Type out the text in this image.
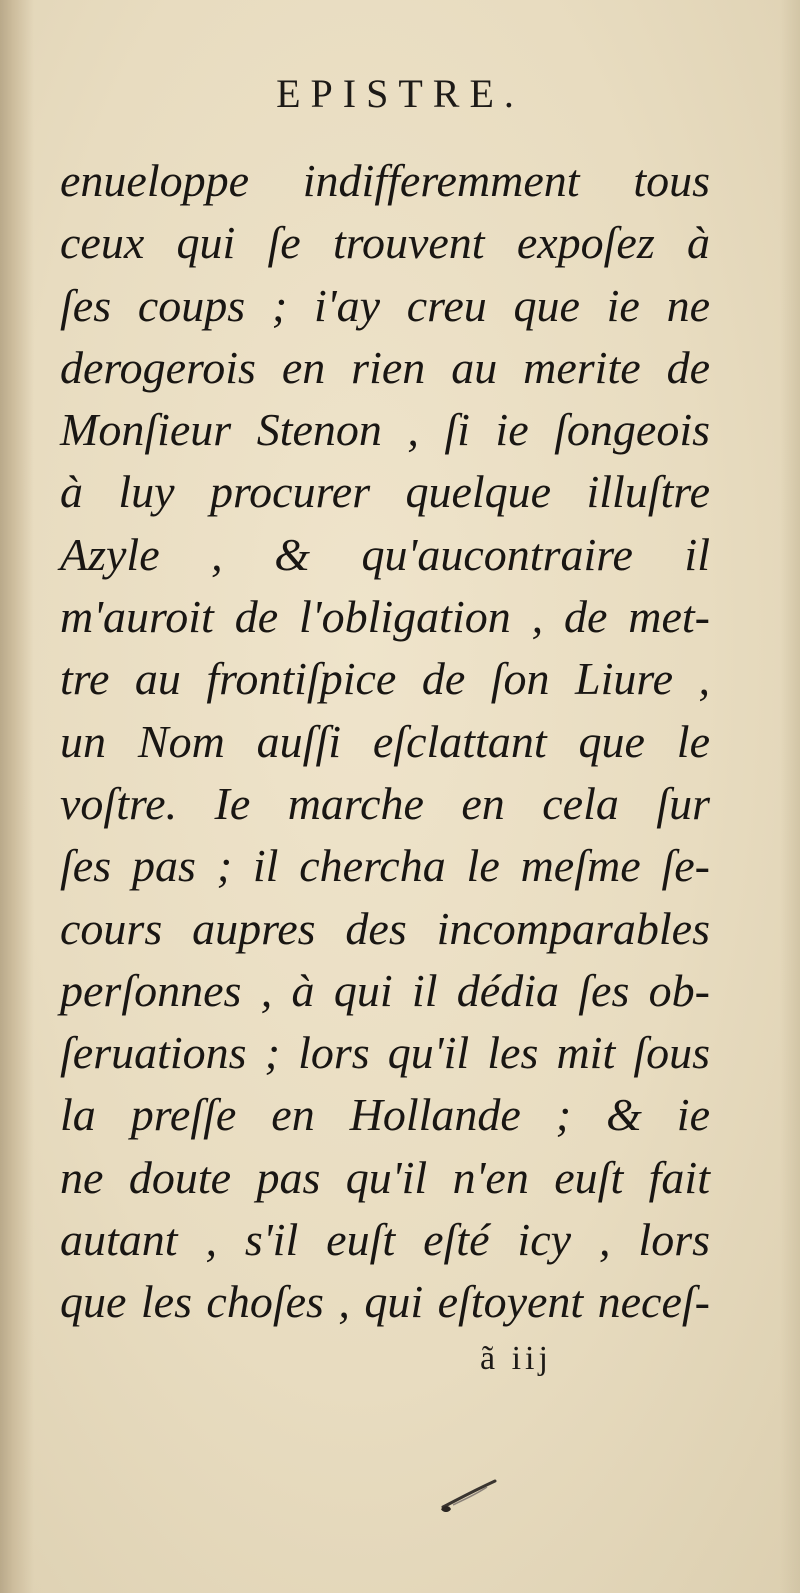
EPISTRE.
enueloppe indifferemment tous
ceux qui ſe trouvent expoſez à
ſes coups ; i'ay creu que ie ne
derogerois en rien au merite de
Monſieur Stenon , ſi ie ſongeois
à luy procurer quelque illuſtre
Azyle , & qu'aucontraire il
m'auroit de l'obligation , de met-
tre au frontiſpice de ſon Liure ,
un Nom auſſi eſclattant que le
voſtre. Ie marche en cela ſur
ſes pas ; il chercha le meſme ſe-
cours aupres des incomparables
perſonnes , à qui il dédia ſes ob-
ſeruations ; lors qu'il les mit ſous
la preſſe en Hollande ; & ie
ne doute pas qu'il n'en euſt fait
autant , s'il euſt eſté icy , lors
que les choſes , qui eſtoyent neceſ-
ã iij
